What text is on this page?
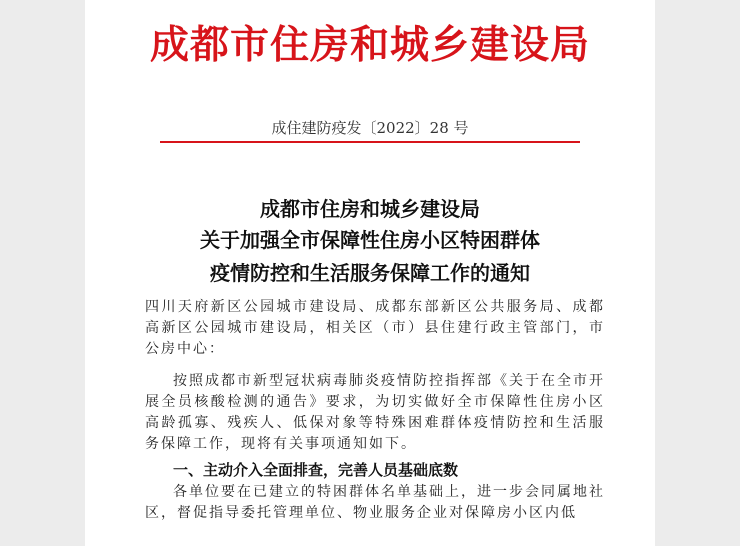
成都市住房和城乡建设局
成住建防疫发〔2022〕28 号
成都市住房和城乡建设局
关于加强全市保障性住房小区特困群体
疫情防控和生活服务保障工作的通知
四川天府新区公园城市建设局、成都东部新区公共服务局、成都高新区公园城市建设局，相关区（市）县住建行政主管部门，市公房中心：
按照成都市新型冠状病毒肺炎疫情防控指挥部《关于在全市开展全员核酸检测的通告》要求，为切实做好全市保障性住房小区高龄孤寡、残疾人、低保对象等特殊困难群体疫情防控和生活服务保障工作，现将有关事项通知如下。
一、主动介入全面排查，完善人员基础底数
各单位要在已建立的特困群体名单基础上，进一步会同属地社区，督促指导委托管理单位、物业服务企业对保障房小区内低
